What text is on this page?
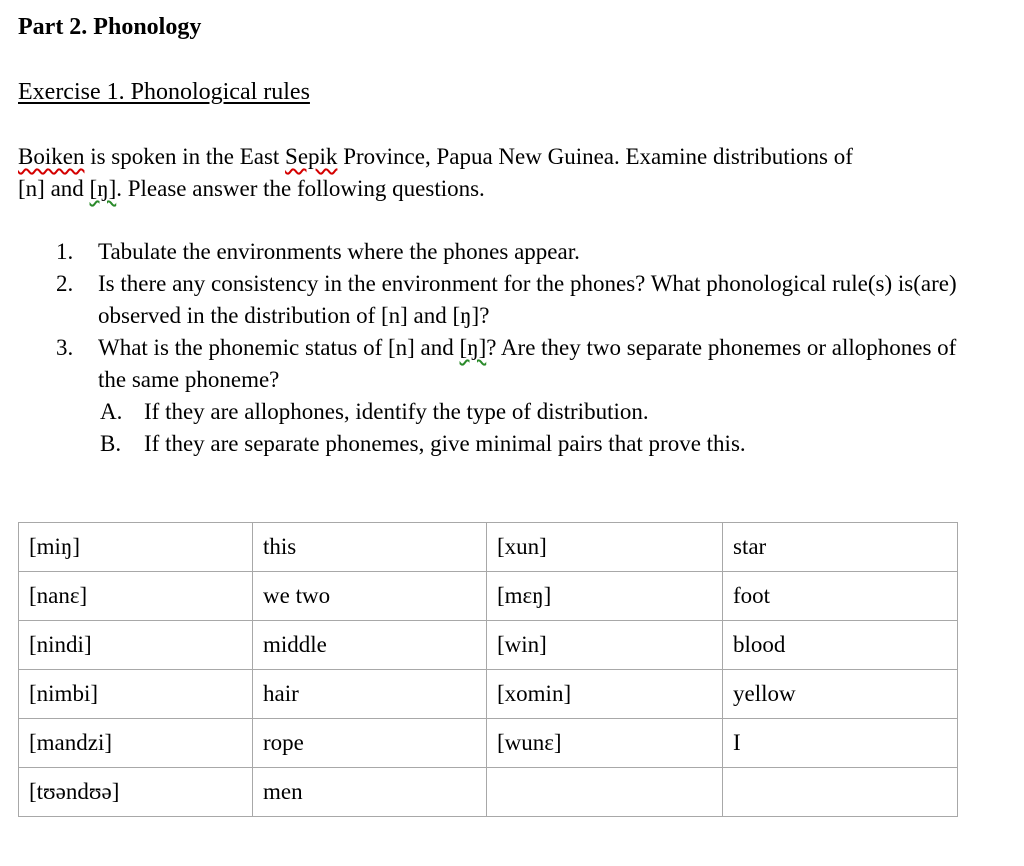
Part 2. Phonology
Exercise 1. Phonological rules
Boiken is spoken in the East Sepik Province, Papua New Guinea. Examine distributions of
[n] and [ŋ]. Please answer the following questions.
1.	Tabulate the environments where the phones appear.
2.	Is there any consistency in the environment for the phones? What phonological rule(s) is(are) observed in the distribution of [n] and [ŋ]?
3.	What is the phonemic status of [n] and [ŋ]? Are they two separate phonemes or allophones of the same phoneme?
A. If they are allophones, identify the type of distribution.
B. If they are separate phonemes, give minimal pairs that prove this.
[miŋ]	this	[xun]	star
[nanɛ]	we two	[mɛŋ]	foot
[nindi]	middle	[win]	blood
[nimbi]	hair	[xomin]	yellow
[mandzi]	rope	[wunɛ]	I
[tʊəndʊə]	men		
